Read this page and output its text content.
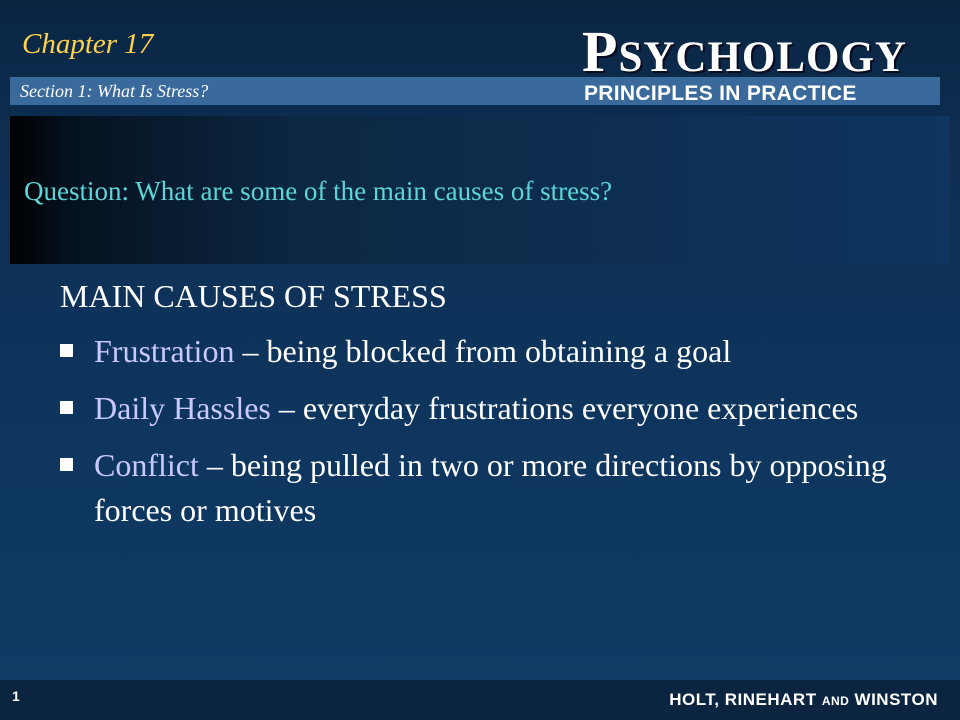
Chapter 17
Section 1: What Is Stress?
PSYCHOLOGY
PRINCIPLES IN PRACTICE
Question: What are some of the main causes of stress?
MAIN CAUSES OF STRESS
Frustration – being blocked from obtaining a goal
Daily Hassles – everyday frustrations everyone experiences
Conflict – being pulled in two or more directions by opposing forces or motives
1	HOLT, RINEHART AND WINSTON
